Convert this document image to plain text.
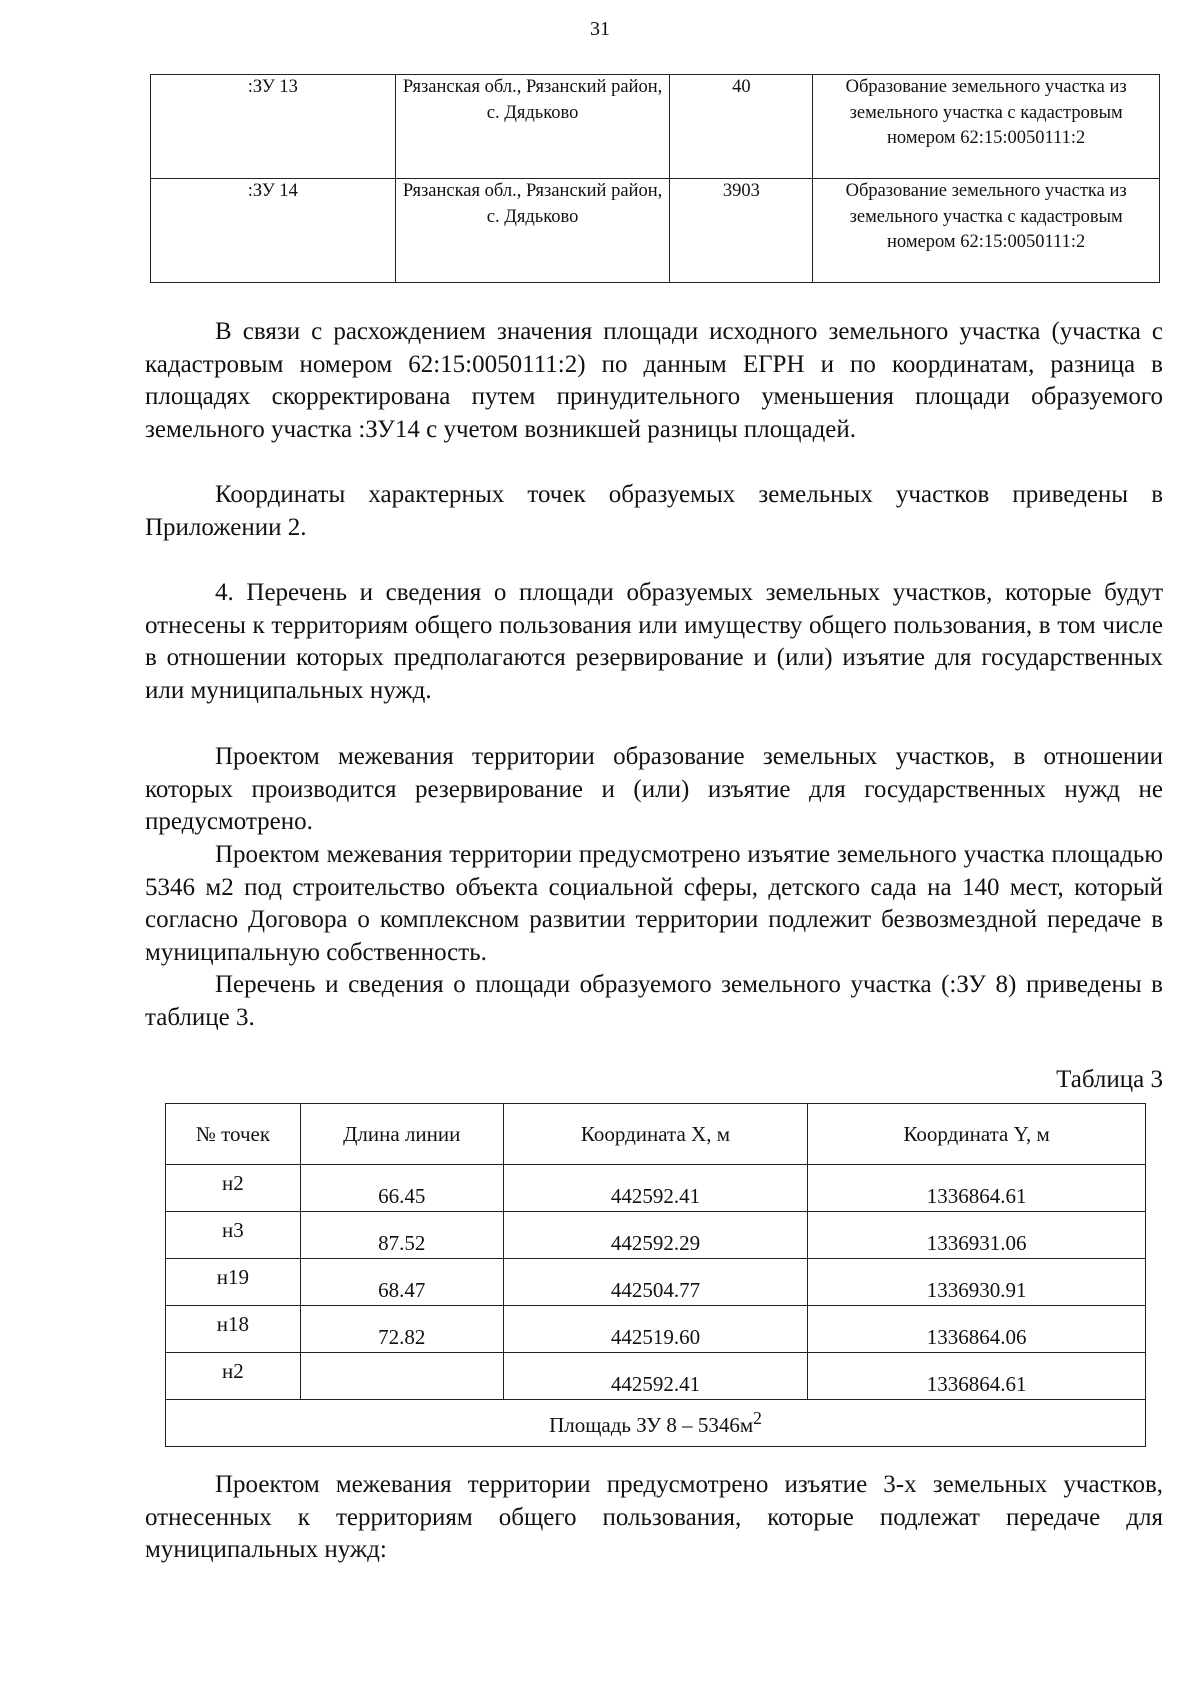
31
:ЗУ 13	Рязанская обл., Рязанский район, с. Дядьково	40	Образование земельного участка из земельного участка с кадастровым номером 62:15:0050111:2
:ЗУ 14	Рязанская обл., Рязанский район, с. Дядьково	3903	Образование земельного участка из земельного участка с кадастровым номером 62:15:0050111:2

В связи с расхождением значения площади исходного земельного участка (участка с кадастровым номером 62:15:0050111:2) по данным ЕГРН и по координатам, разница в площадях скорректирована путем принудительного уменьшения площади образуемого земельного участка :ЗУ14 с учетом возникшей разницы площадей.

Координаты характерных точек образуемых земельных участков приведены в Приложении 2.

4. Перечень и сведения о площади образуемых земельных участков, которые будут отнесены к территориям общего пользования или имуществу общего пользования, в том числе в отношении которых предполагаются резервирование и (или) изъятие для государственных или муниципальных нужд.

Проектом межевания территории образование земельных участков, в отношении которых производится резервирование и (или) изъятие для государственных нужд не предусмотрено.

Проектом межевания территории предусмотрено изъятие земельного участка площадью 5346 м2 под строительство объекта социальной сферы, детского сада на 140 мест, который согласно Договора о комплексном развитии территории подлежит безвозмездной передаче в муниципальную собственность.

Перечень и сведения о площади образуемого земельного участка (:ЗУ 8) приведены в таблице 3.

Таблица 3
№ точек	Длина линии	Координата X, м	Координата Y, м
н2	66.45	442592.41	1336864.61
н3	87.52	442592.29	1336931.06
н19	68.47	442504.77	1336930.91
н18	72.82	442519.60	1336864.06
н2		442592.41	1336864.61
Площадь ЗУ $8 - 5346м^2$

Проектом межевания территории предусмотрено изъятие 3-х земельных участков, отнесенных к территориям общего пользования, которые подлежат передаче для муниципальных нужд:
